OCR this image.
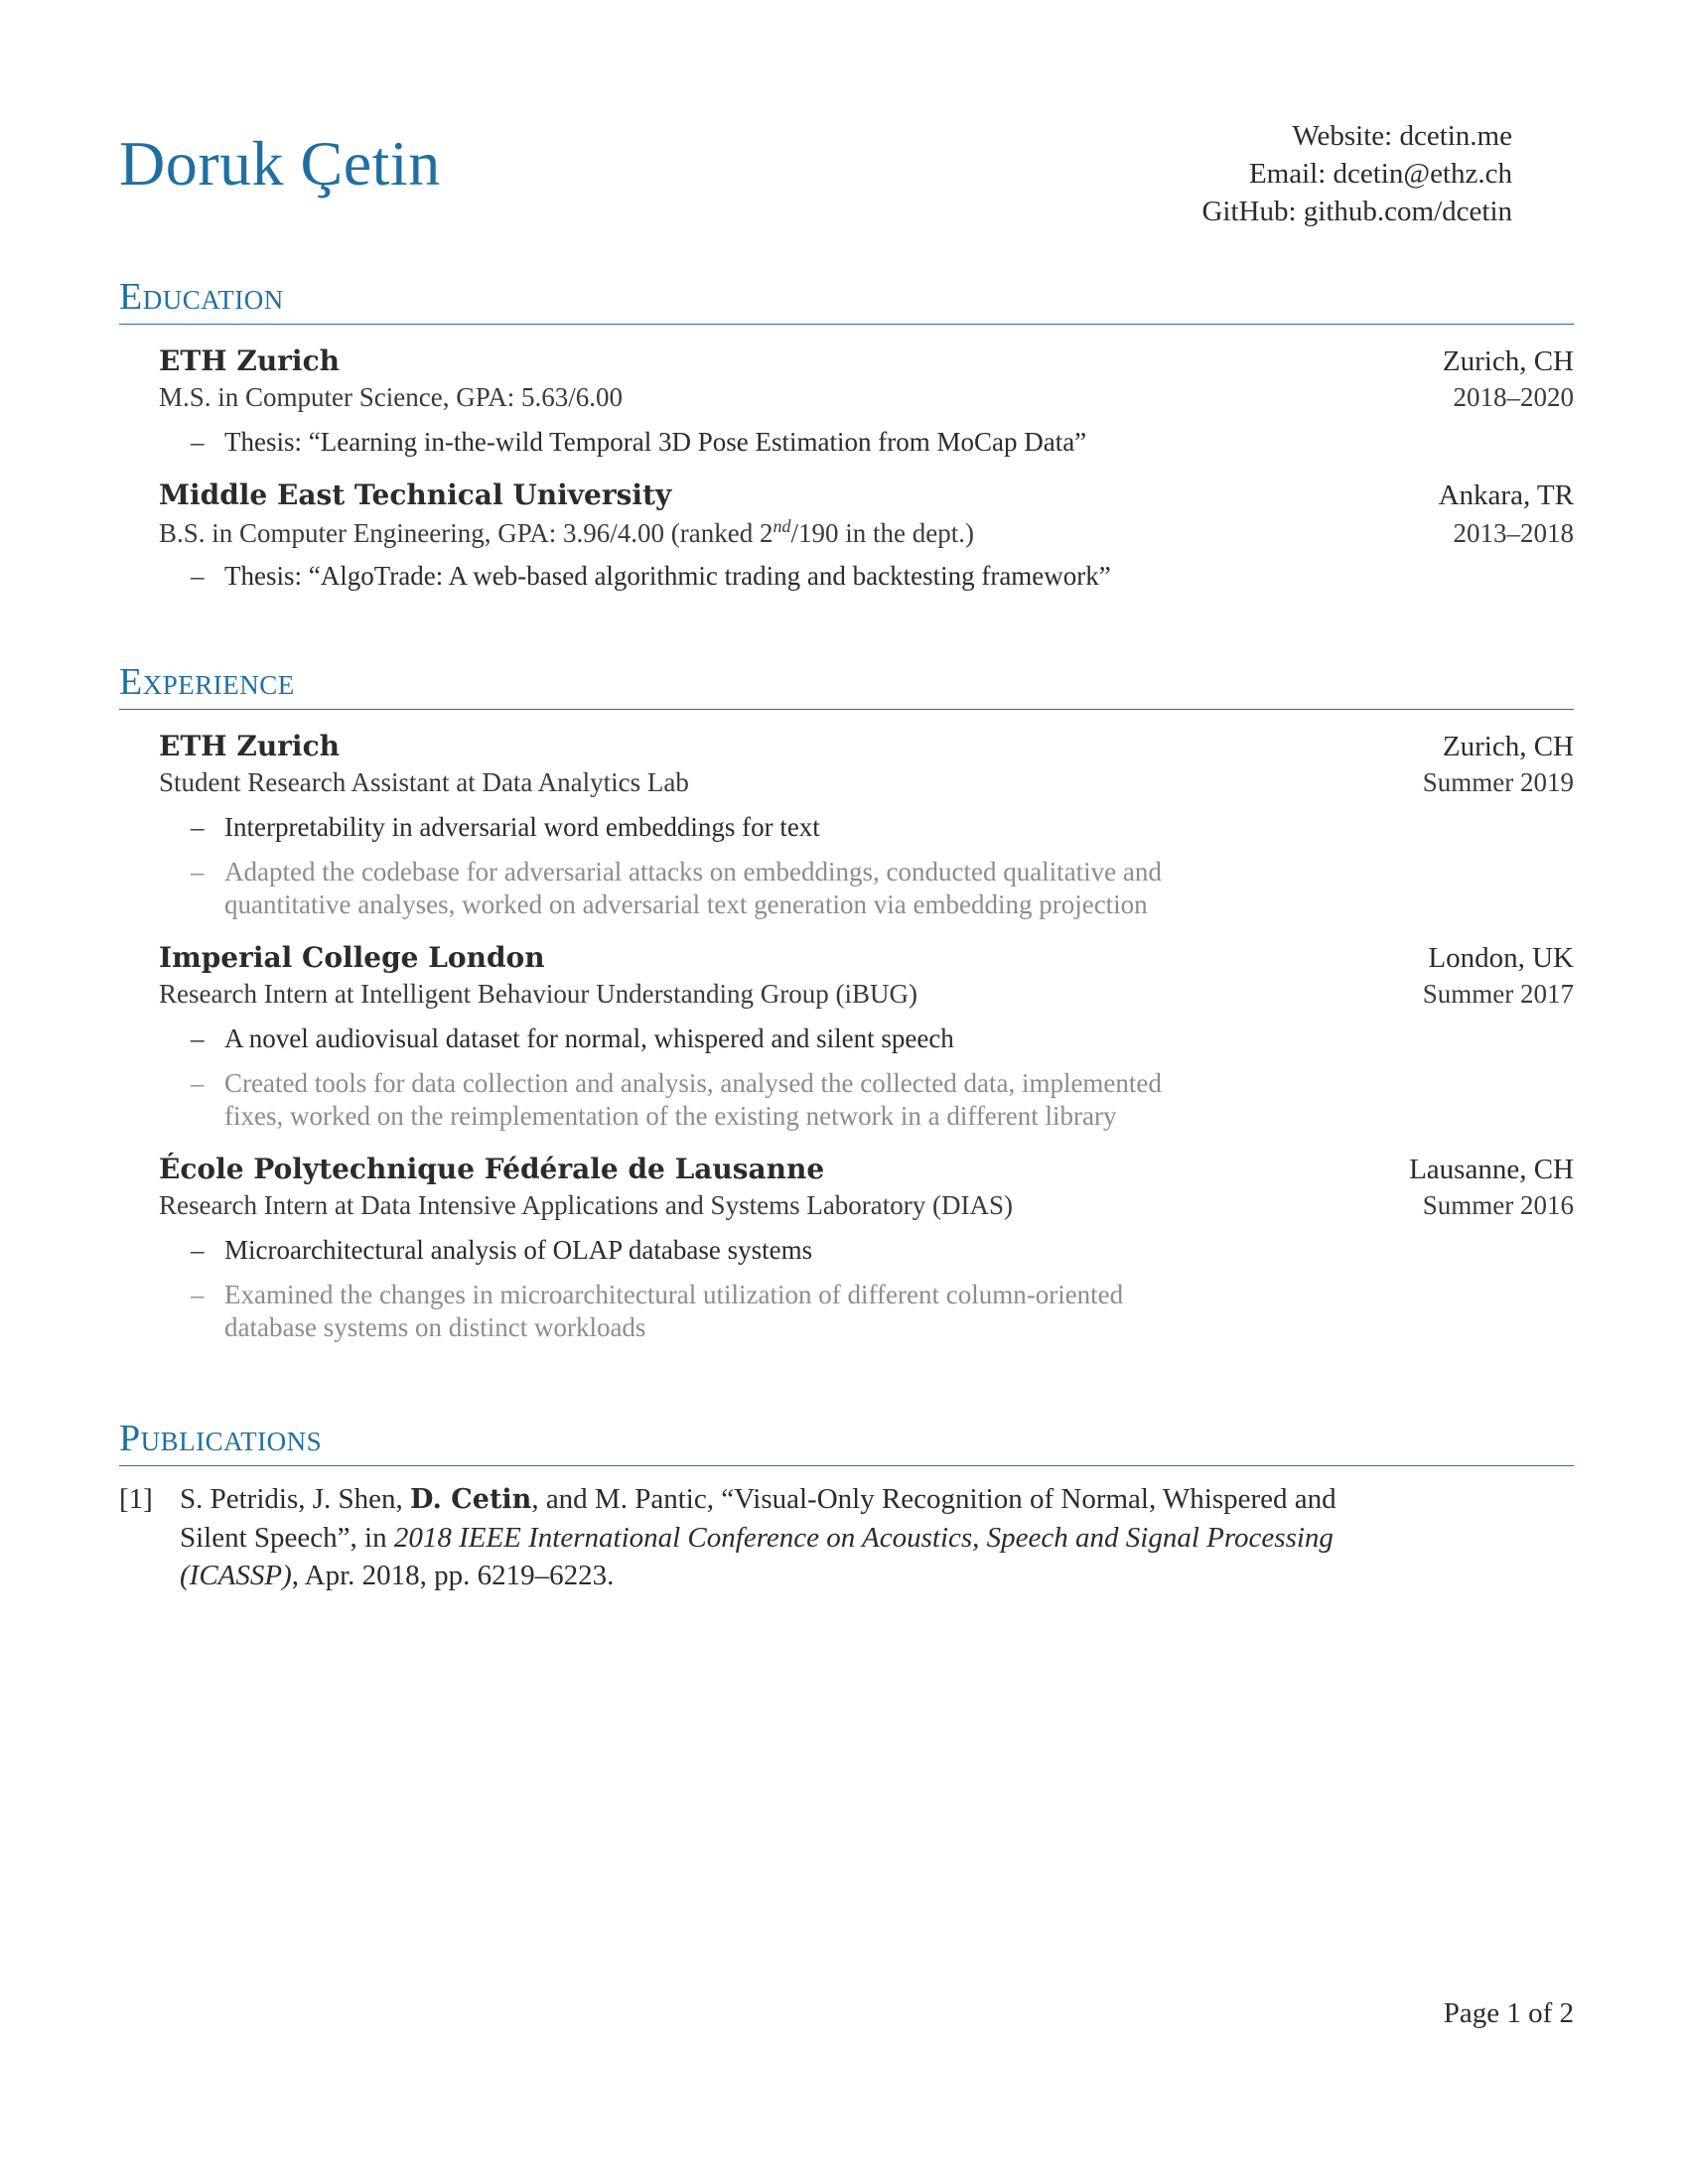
Doruk Çetin	Website: dcetin.me
Email: dcetin@ethz.ch
GitHub: github.com/dcetin
Education
ETH Zurich	Zurich, CH
M.S. in Computer Science, GPA: 5.63/6.00	2018–2020
– Thesis: “Learning in-the-wild Temporal 3D Pose Estimation from MoCap Data”
Middle East Technical University	Ankara, TR
B.S. in Computer Engineering, GPA: 3.96/4.00 (ranked 2nd/190 in the dept.)	2013–2018
– Thesis: “AlgoTrade: A web-based algorithmic trading and backtesting framework”
Experience
ETH Zurich	Zurich, CH
Student Research Assistant at Data Analytics Lab	Summer 2019
– Interpretability in adversarial word embeddings for text
– Adapted the codebase for adversarial attacks on embeddings, conducted qualitative and
quantitative analyses, worked on adversarial text generation via embedding projection
Imperial College London	London, UK
Research Intern at Intelligent Behaviour Understanding Group (iBUG)	Summer 2017
– A novel audiovisual dataset for normal, whispered and silent speech
– Created tools for data collection and analysis, analysed the collected data, implemented
fixes, worked on the reimplementation of the existing network in a different library
École Polytechnique Fédérale de Lausanne	Lausanne, CH
Research Intern at Data Intensive Applications and Systems Laboratory (DIAS)	Summer 2016
– Microarchitectural analysis of OLAP database systems
– Examined the changes in microarchitectural utilization of different column-oriented
database systems on distinct workloads
Publications
[1] S. Petridis, J. Shen, D. Cetin, and M. Pantic, “Visual-Only Recognition of Normal, Whispered and
Silent Speech”, in 2018 IEEE International Conference on Acoustics, Speech and Signal Processing
(ICASSP), Apr. 2018, pp. 6219–6223.
Page 1 of 2
